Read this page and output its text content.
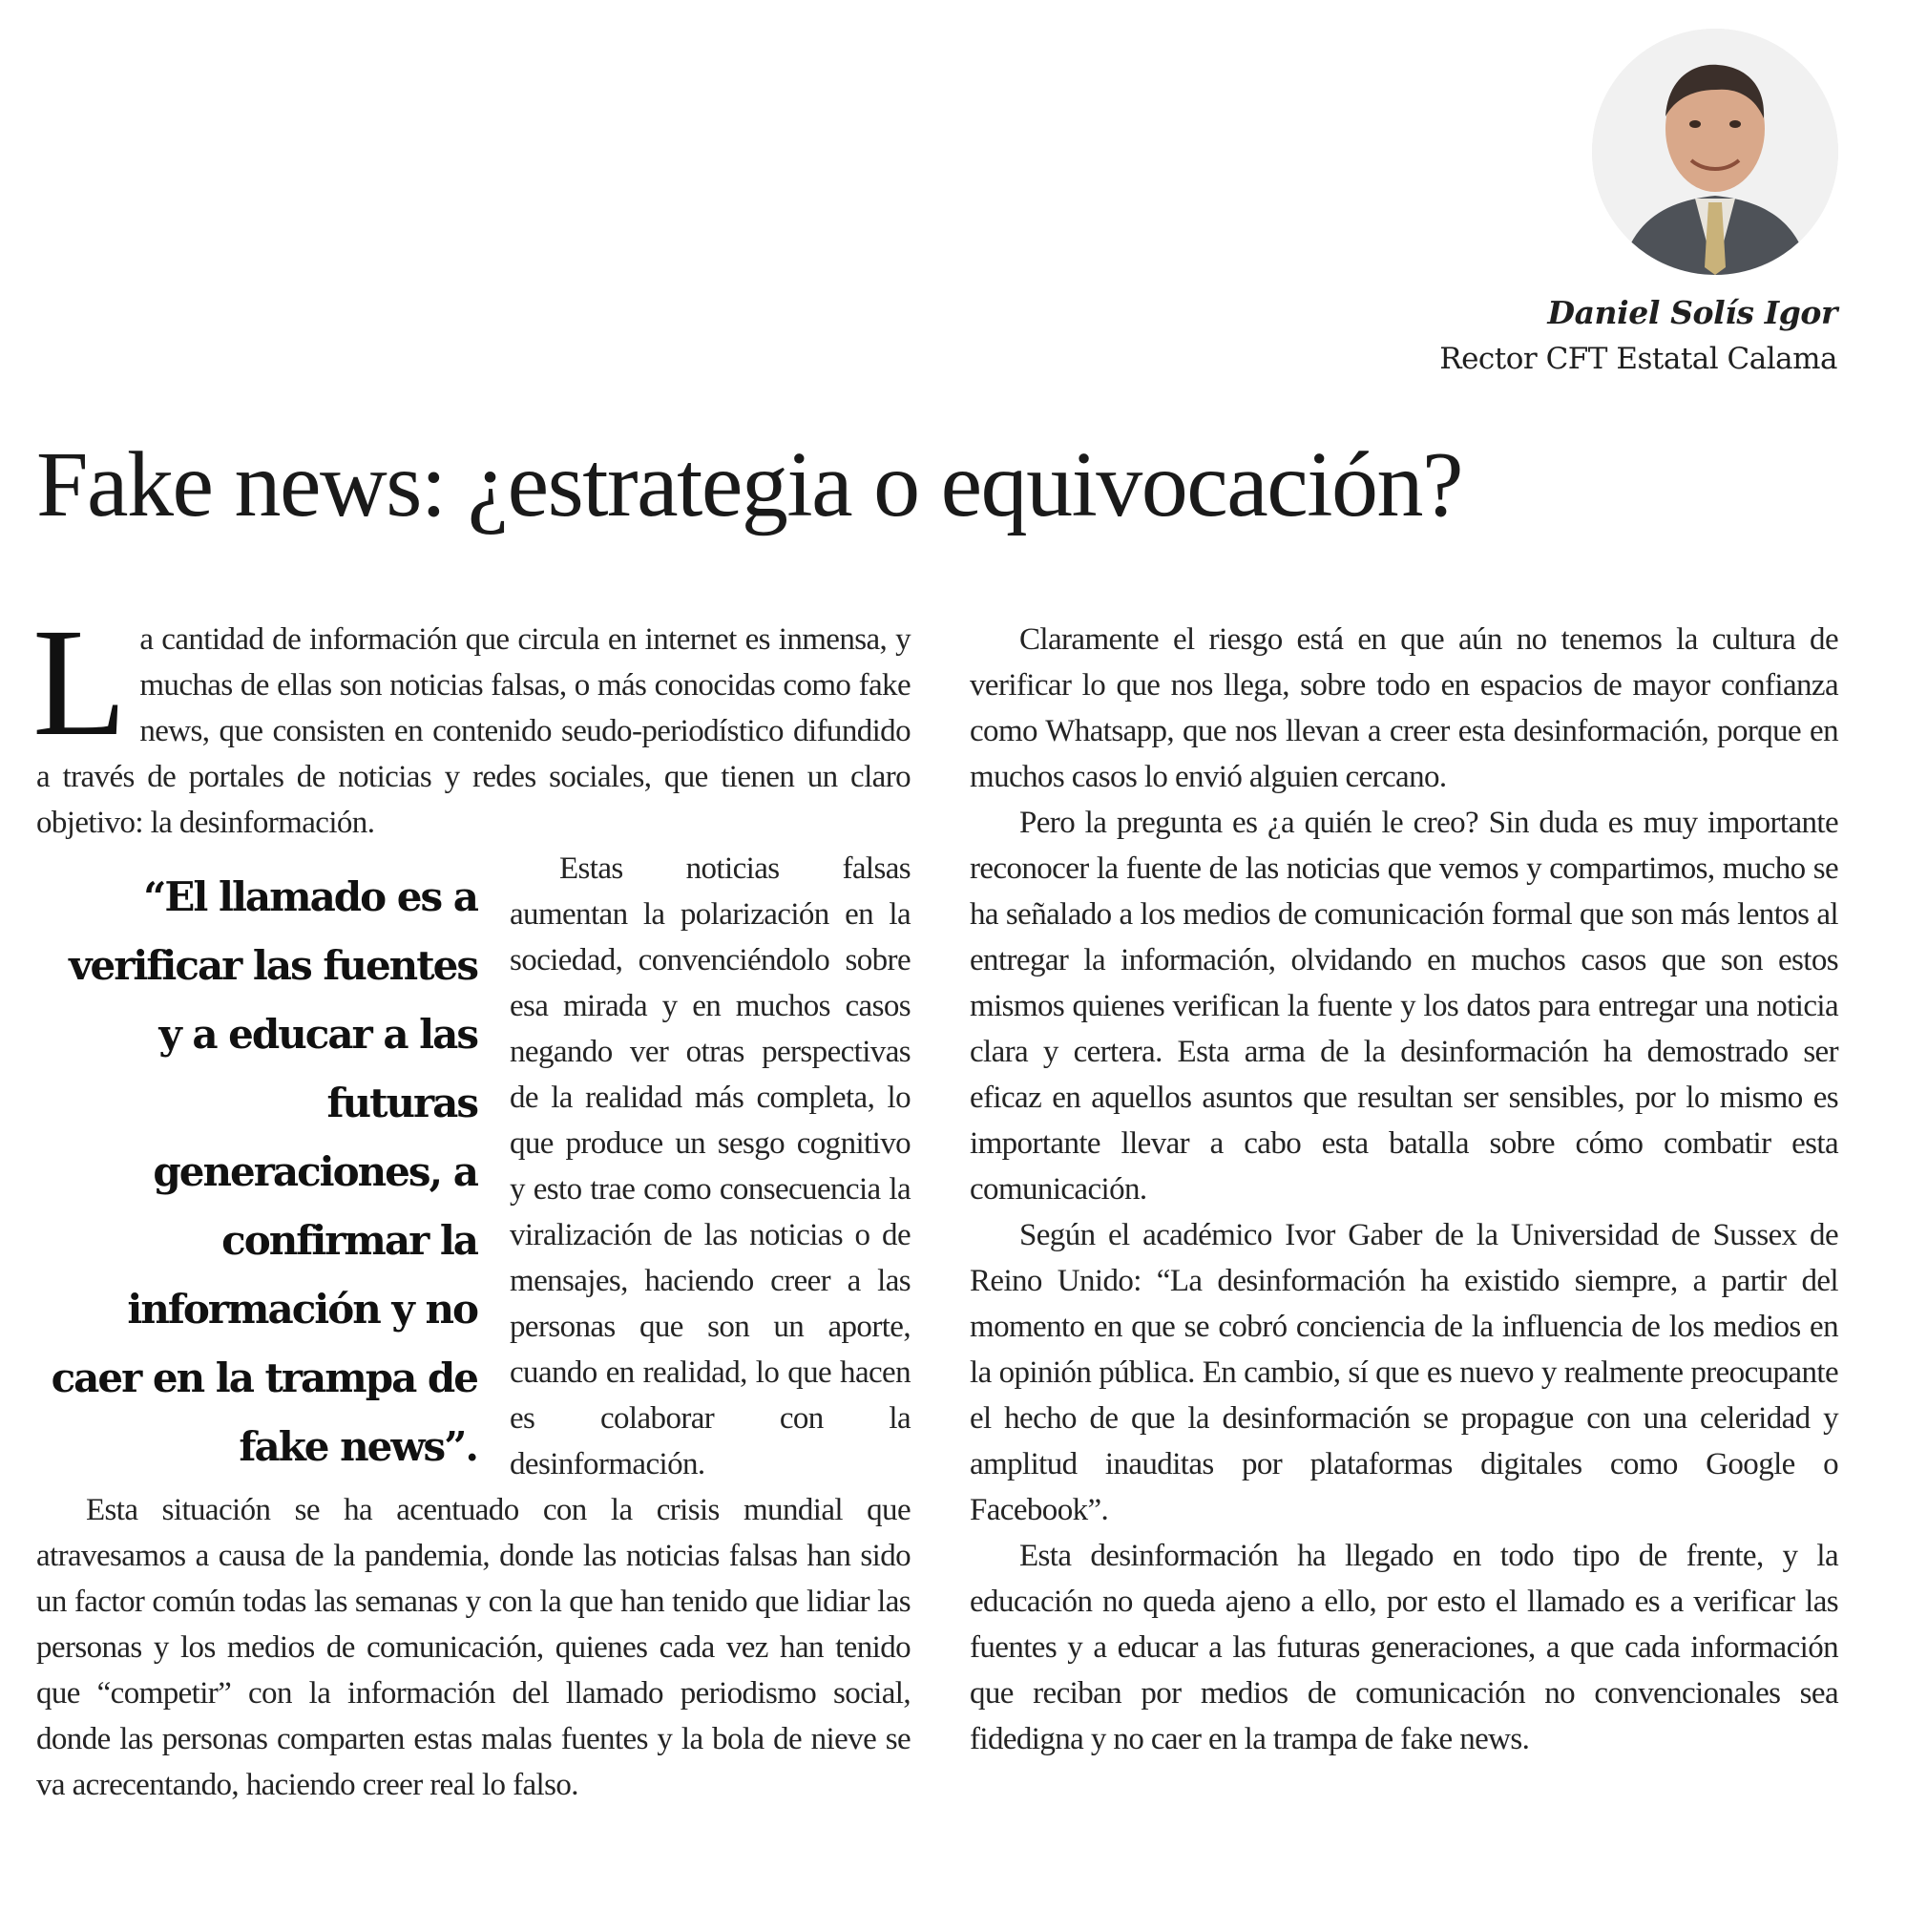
Daniel Solís Igor
Rector CFT Estatal Calama
Fake news: ¿estrategia o equivocación?

La cantidad de información que circula en internet es inmensa, y muchas de ellas son noticias falsas, o más conocidas como fake news, que consisten en contenido seudo-periodístico difundido a través de portales de noticias y redes sociales, que tienen un claro objetivo: la desinformación.

“El llamado es a verificar las fuentes y a educar a las futuras generaciones, a confirmar la información y no caer en la trampa de fake news”.

Estas noticias falsas aumentan la polarización en la sociedad, convenciéndolo sobre esa mirada y en muchos casos negando ver otras perspectivas de la realidad más completa, lo que produce un sesgo cognitivo y esto trae como consecuencia la viralización de las noticias o de mensajes, haciendo creer a las personas que son un aporte, cuando en realidad, lo que hacen es colaborar con la desinformación.

Esta situación se ha acentuado con la crisis mundial que atravesamos a causa de la pandemia, donde las noticias falsas han sido un factor común todas las semanas y con la que han tenido que lidiar las personas y los medios de comunicación, quienes cada vez han tenido que “competir” con la información del llamado periodismo social, donde las personas comparten estas malas fuentes y la bola de nieve se va acrecentando, haciendo creer real lo falso.

Claramente el riesgo está en que aún no tenemos la cultura de verificar lo que nos llega, sobre todo en espacios de mayor confianza como Whatsapp, que nos llevan a creer esta desinformación, porque en muchos casos lo envió alguien cercano.

Pero la pregunta es ¿a quién le creo? Sin duda es muy importante reconocer la fuente de las noticias que vemos y compartimos, mucho se ha señalado a los medios de comunicación formal que son más lentos al entregar la información, olvidando en muchos casos que son estos mismos quienes verifican la fuente y los datos para entregar una noticia clara y certera. Esta arma de la desinformación ha demostrado ser eficaz en aquellos asuntos que resultan ser sensibles, por lo mismo es importante llevar a cabo esta batalla sobre cómo combatir esta comunicación.

Según el académico Ivor Gaber de la Universidad de Sussex de Reino Unido: “La desinformación ha existido siempre, a partir del momento en que se cobró conciencia de la influencia de los medios en la opinión pública. En cambio, sí que es nuevo y realmente preocupante el hecho de que la desinformación se propague con una celeridad y amplitud inauditas por plataformas digitales como Google o Facebook”.

Esta desinformación ha llegado en todo tipo de frente, y la educación no queda ajeno a ello, por esto el llamado es a verificar las fuentes y a educar a las futuras generaciones, a que cada información que reciban por medios de comunicación no convencionales sea fidedigna y no caer en la trampa de fake news.
